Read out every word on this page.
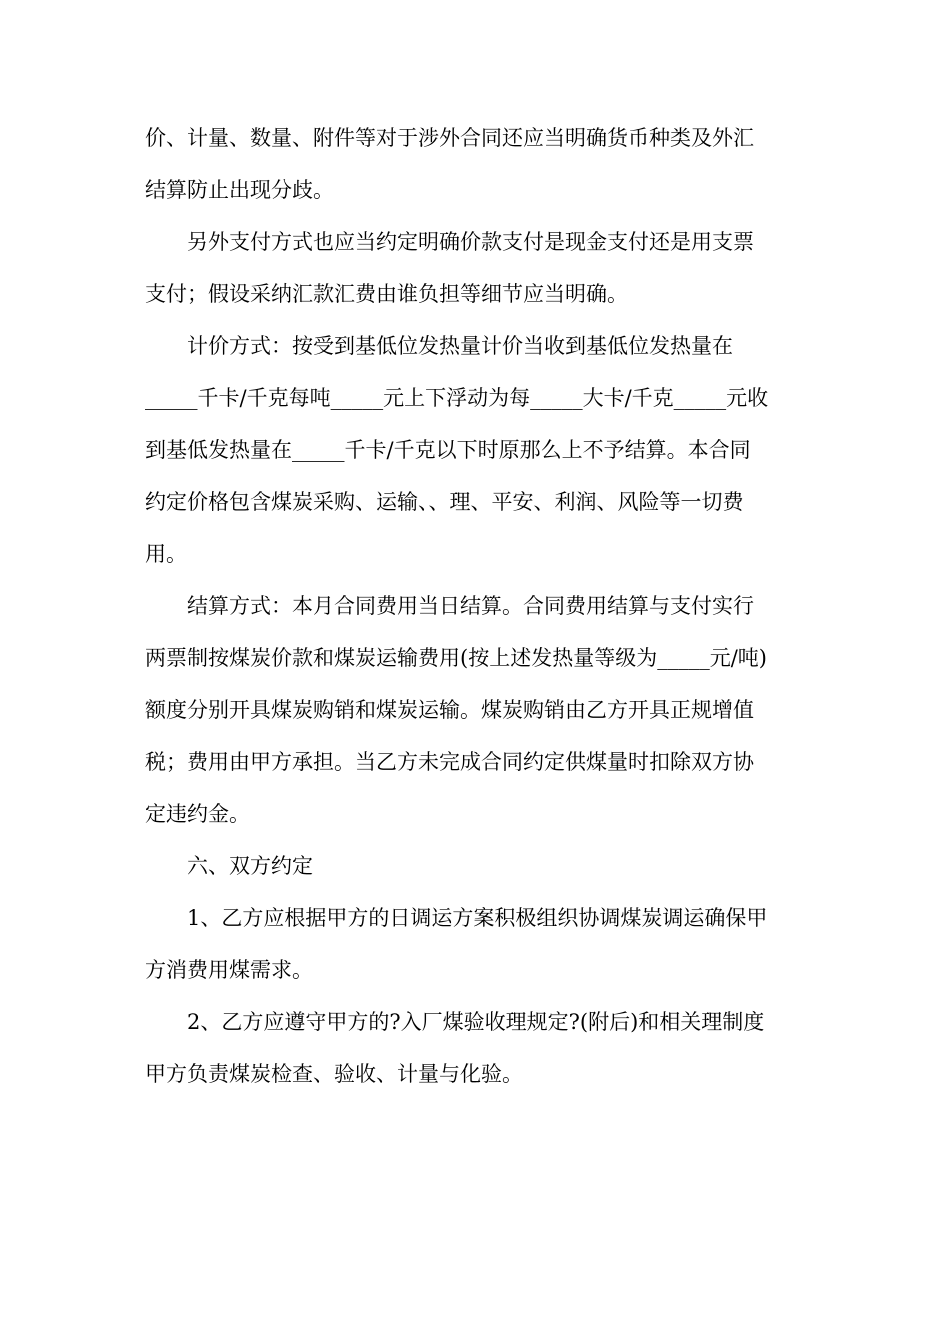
价、计量、数量、附件等对于涉外合同还应当明确货币种类及外汇
结算防止出现分歧。
另外支付方式也应当约定明确价款支付是现金支付还是用支票
支付；假设采纳汇款汇费由谁负担等细节应当明确。
计价方式：按受到基低位发热量计价当收到基低位发热量在
_____千卡/千克每吨_____元上下浮动为每_____大卡/千克_____元收
到基低发热量在_____千卡/千克以下时原那么上不予结算。本合同
约定价格包含煤炭采购、运输、、理、平安、利润、风险等一切费
用。
结算方式：本月合同费用当日结算。合同费用结算与支付实行
两票制按煤炭价款和煤炭运输费用(按上述发热量等级为_____元/吨)
额度分别开具煤炭购销和煤炭运输。煤炭购销由乙方开具正规增值
税；费用由甲方承担。当乙方未完成合同约定供煤量时扣除双方协
定违约金。
六、双方约定
1、乙方应根据甲方的日调运方案积极组织协调煤炭调运确保甲
方消费用煤需求。
2、乙方应遵守甲方的?入厂煤验收理规定?(附后)和相关理制度
甲方负责煤炭检查、验收、计量与化验。
